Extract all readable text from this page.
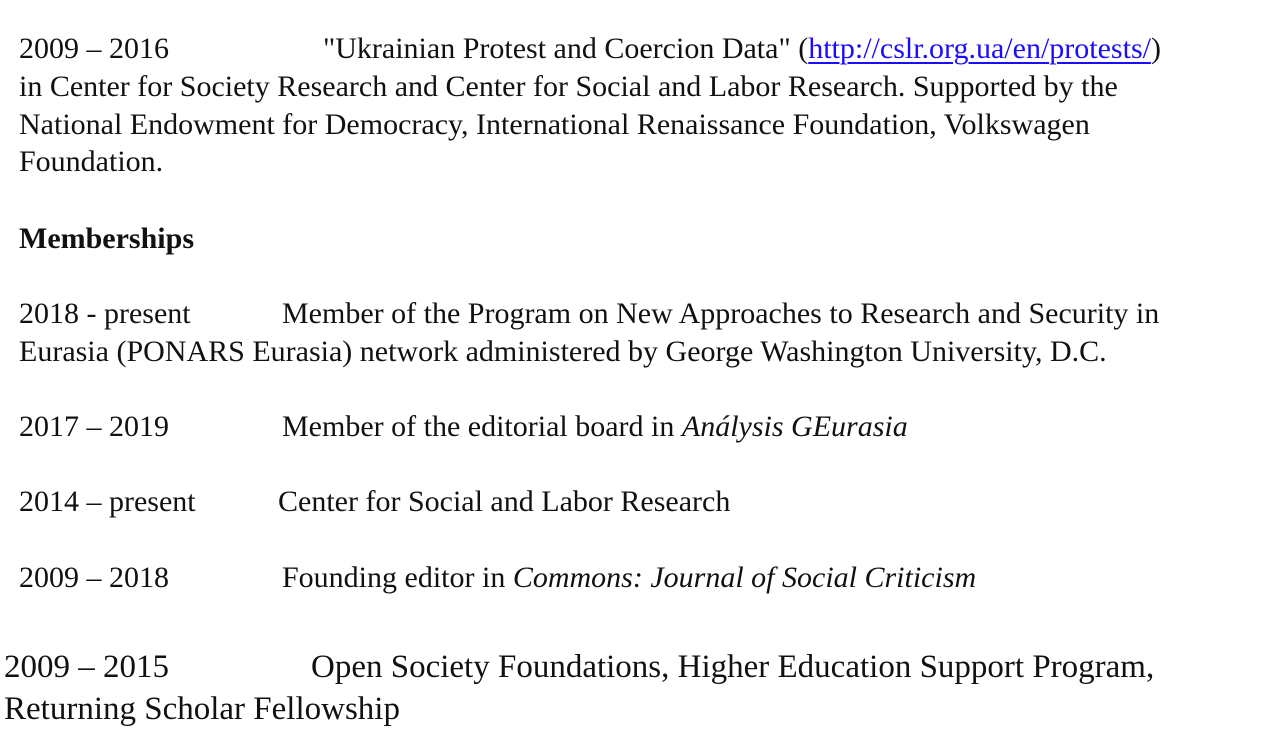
2009 – 2016	"Ukrainian Protest and Coercion Data" (http://cslr.org.ua/en/protests/)
in Center for Society Research and Center for Social and Labor Research. Supported by the
National Endowment for Democracy, International Renaissance Foundation, Volkswagen
Foundation.
Memberships
2018 - present	Member of the Program on New Approaches to Research and Security in
Eurasia (PONARS Eurasia) network administered by George Washington University, D.C.
2017 – 2019	Member of the editorial board in Análysis GEurasia
2014 – present	Center for Social and Labor Research
2009 – 2018	Founding editor in Commons: Journal of Social Criticism
2009 – 2015	Open Society Foundations, Higher Education Support Program,
Returning Scholar Fellowship
